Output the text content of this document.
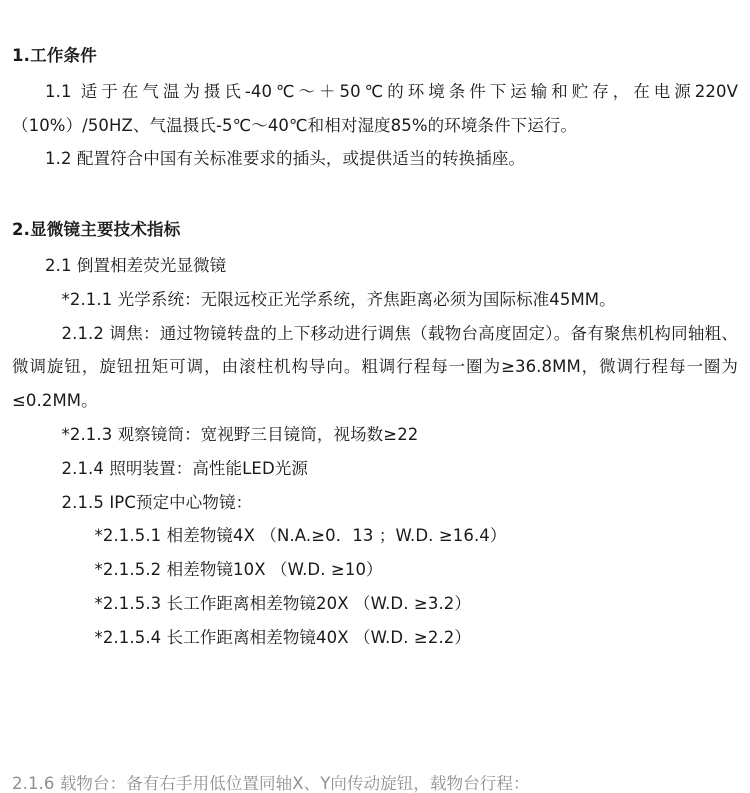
1.工作条件

1.1 适于在气温为摄氏-40℃～＋50℃的环境条件下运输和贮存，在电源220V（10%）/50HZ、气温摄氏-5℃～40℃和相对湿度85%的环境条件下运行。

1.2 配置符合中国有关标准要求的插头，或提供适当的转换插座。

2.显微镜主要技术指标

2.1 倒置相差荧光显微镜

*2.1.1 光学系统：无限远校正光学系统，齐焦距离必须为国际标准45MM。

2.1.2 调焦：通过物镜转盘的上下移动进行调焦（载物台高度固定）。备有聚焦机构同轴粗、微调旋钮，旋钮扭矩可调，由滚柱机构导向。粗调行程每一圈为≥36.8MM，微调行程每一圈为≤0.2MM。

*2.1.3 观察镜筒：宽视野三目镜筒，视场数≥22

2.1.4 照明装置：高性能LED光源

2.1.5 IPC预定中心物镜：

*2.1.5.1 相差物镜4X （N.A.≥0．13 ；W.D. ≥16.4）

*2.1.5.2 相差物镜10X （W.D. ≥10）

*2.1.5.3 长工作距离相差物镜20X （W.D. ≥3.2）

*2.1.5.4 长工作距离相差物镜40X （W.D. ≥2.2）

2.1.6 载物台：备有右手用低位置同轴X、Y向传动旋钮，载物台行程：
